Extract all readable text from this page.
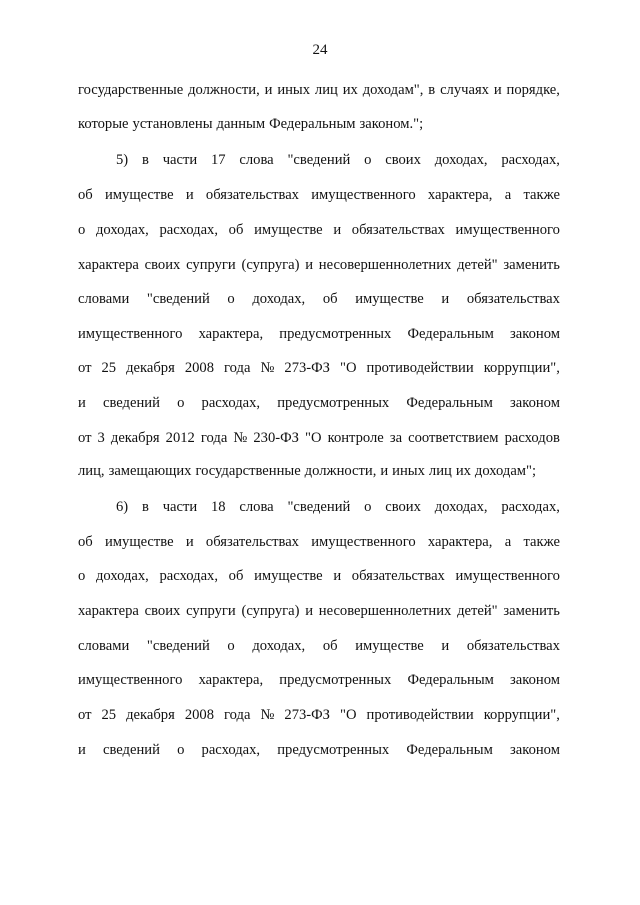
24
государственные должности, и иных лиц их доходам", в случаях и порядке,
которые установлены данным Федеральным законом.";
5) в части 17 слова "сведений о своих доходах, расходах,
об имуществе и обязательствах имущественного характера, а также
о доходах, расходах, об имуществе и обязательствах имущественного
характера своих супруги (супруга) и несовершеннолетних детей" заменить
словами "сведений о доходах, об имуществе и обязательствах
имущественного характера, предусмотренных Федеральным законом
от 25 декабря 2008 года № 273-ФЗ "О противодействии коррупции",
и сведений о расходах, предусмотренных Федеральным законом
от 3 декабря 2012 года № 230-ФЗ "О контроле за соответствием расходов
лиц, замещающих государственные должности, и иных лиц их доходам";
6) в части 18 слова "сведений о своих доходах, расходах,
об имуществе и обязательствах имущественного характера, а также
о доходах, расходах, об имуществе и обязательствах имущественного
характера своих супруги (супруга) и несовершеннолетних детей" заменить
словами "сведений о доходах, об имуществе и обязательствах
имущественного характера, предусмотренных Федеральным законом
от 25 декабря 2008 года № 273-ФЗ "О противодействии коррупции",
и сведений о расходах, предусмотренных Федеральным законом
